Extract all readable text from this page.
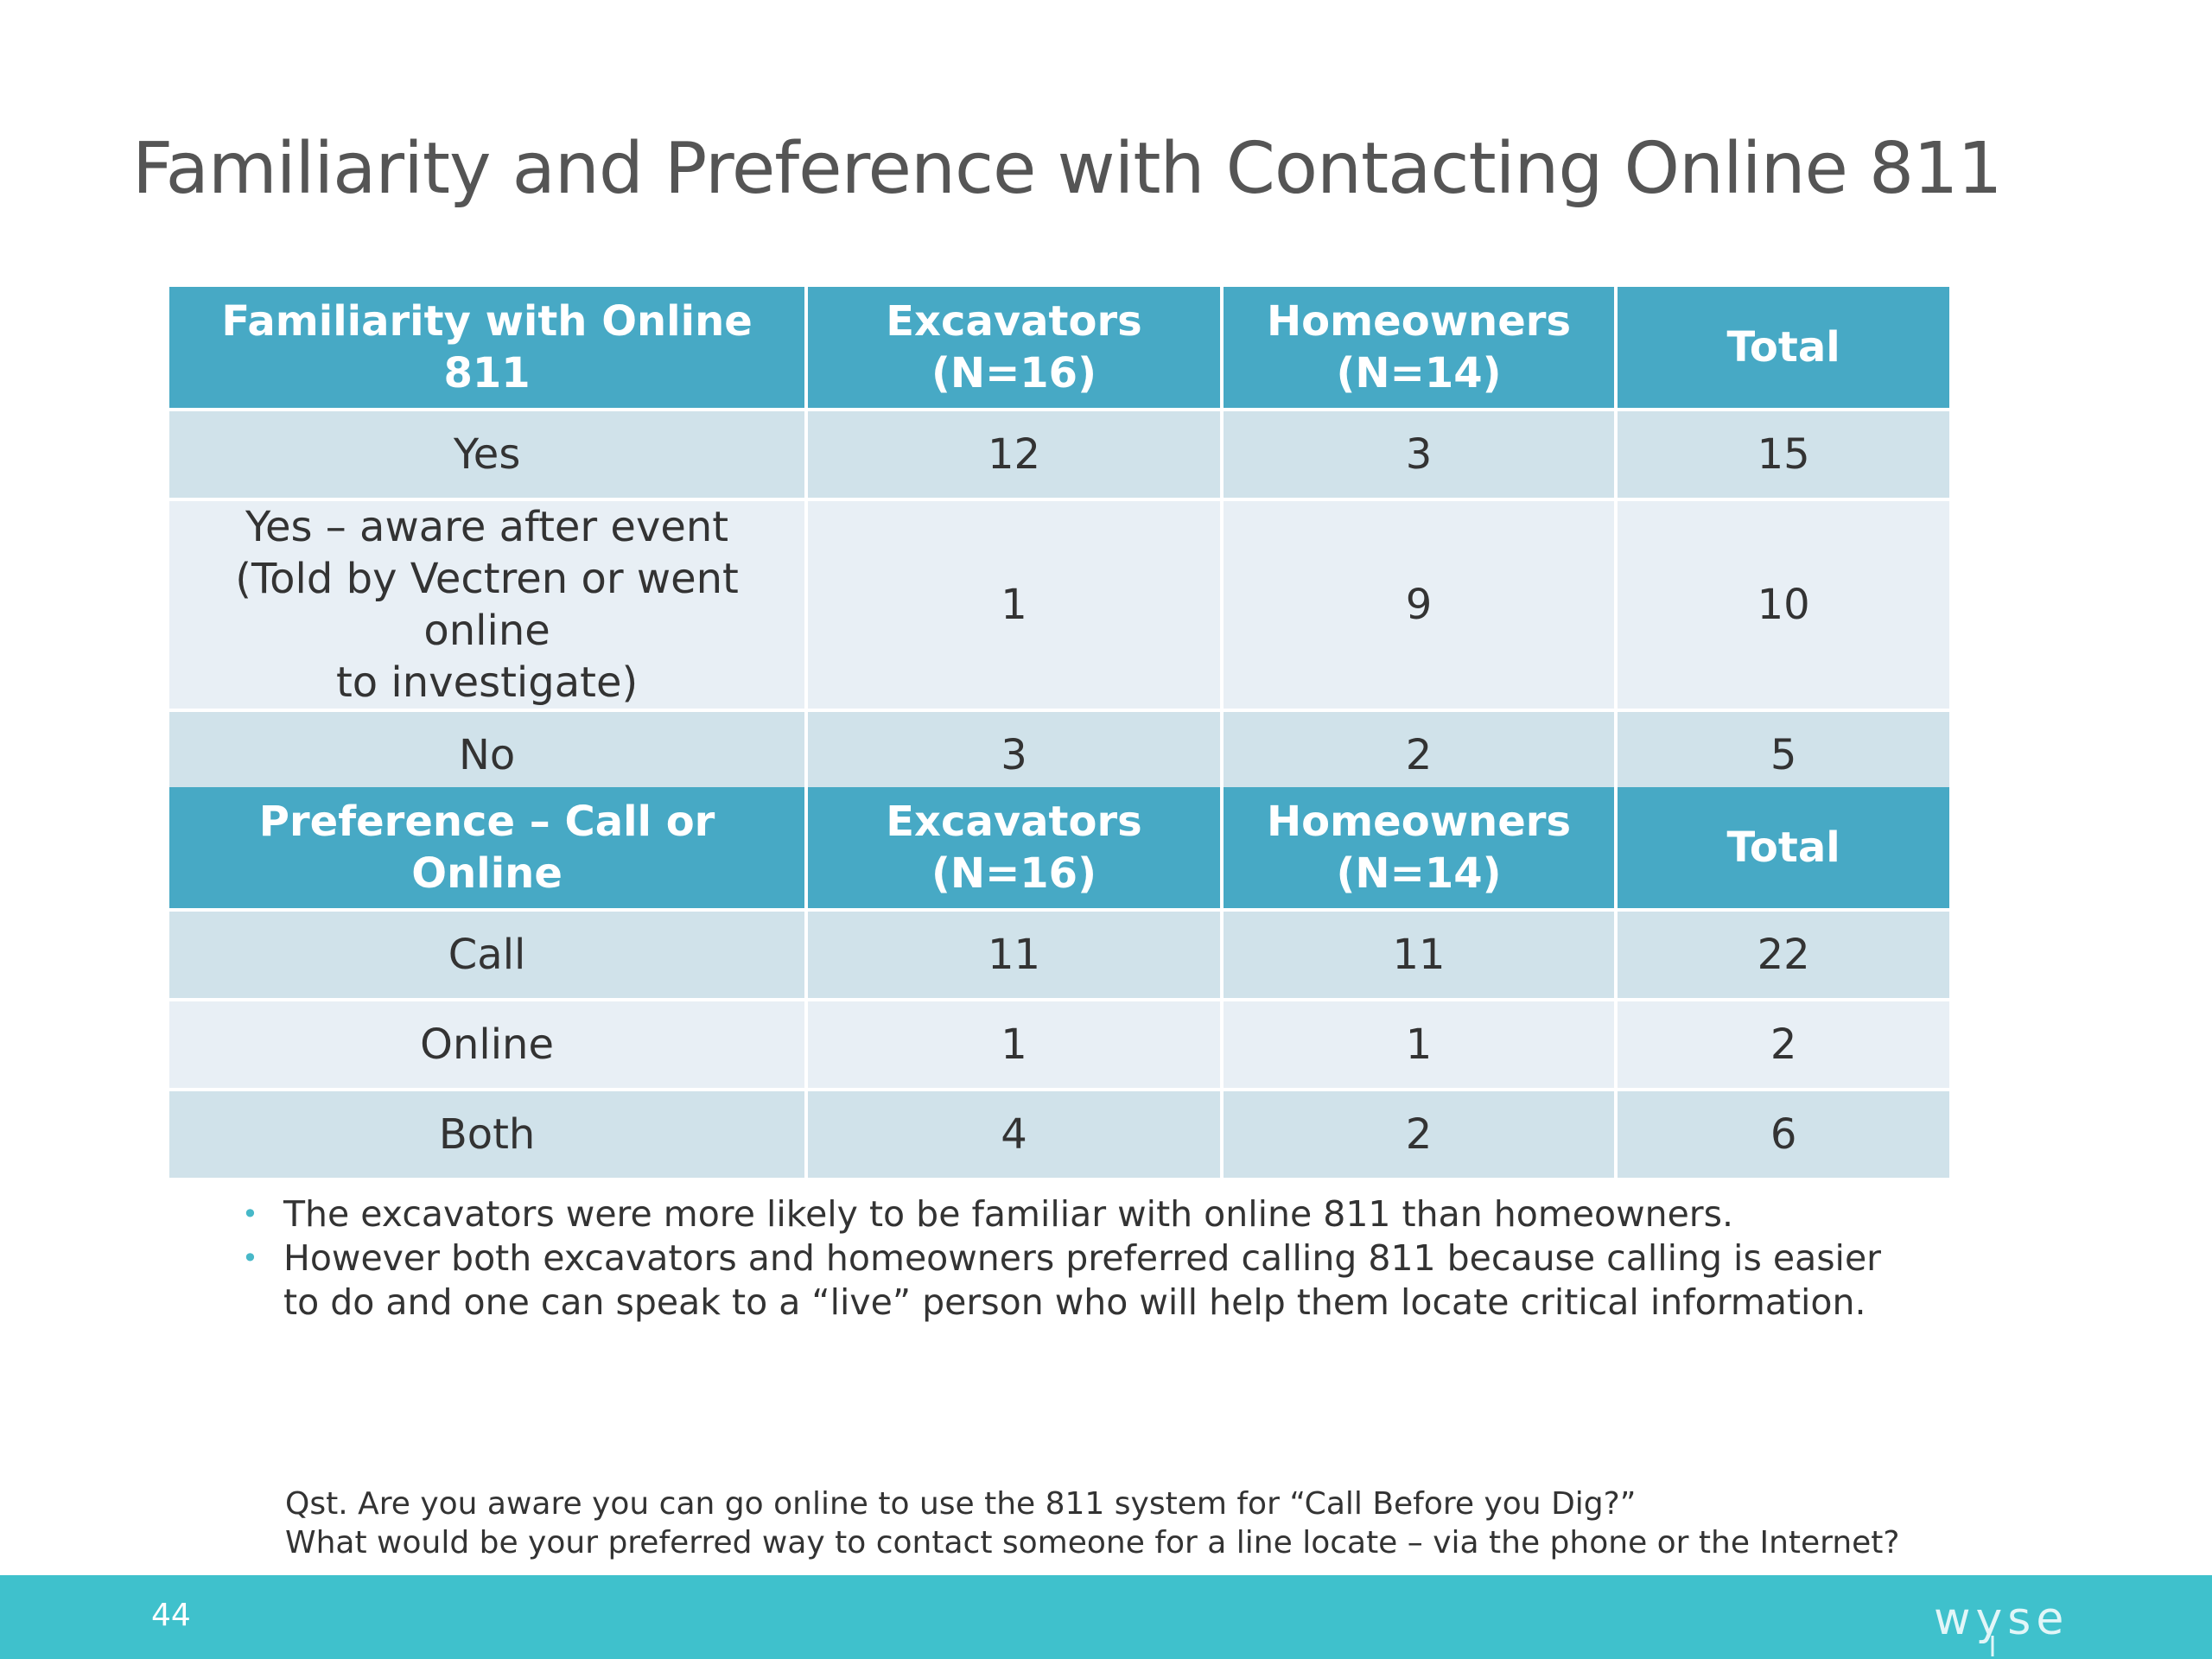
Familiarity and Preference with Contacting Online 811
Familiarity with Online 811	Excavators (N=16)	Homeowners (N=14)	Total
Yes	12	3	15

Yes – aware after event
(Told by Vectren or went online
to investigate)	1	9	10
No	3	2	5
Preference – Call or Online	Excavators (N=16)	Homeowners (N=14)	Total
Call	11	11	22
Online	1	1	2
Both	4	2	6
• The excavators were more likely to be familiar with online 811 than homeowners.
• However both excavators and homeowners preferred calling 811 because calling is easier to do and one can speak to a “live” person who will help them locate critical information.
Qst. Are you aware you can go online to use the 811 system for “Call Before you Dig?”
What would be your preferred way to contact someone for a line locate – via the phone or the Internet?
44	wyse
